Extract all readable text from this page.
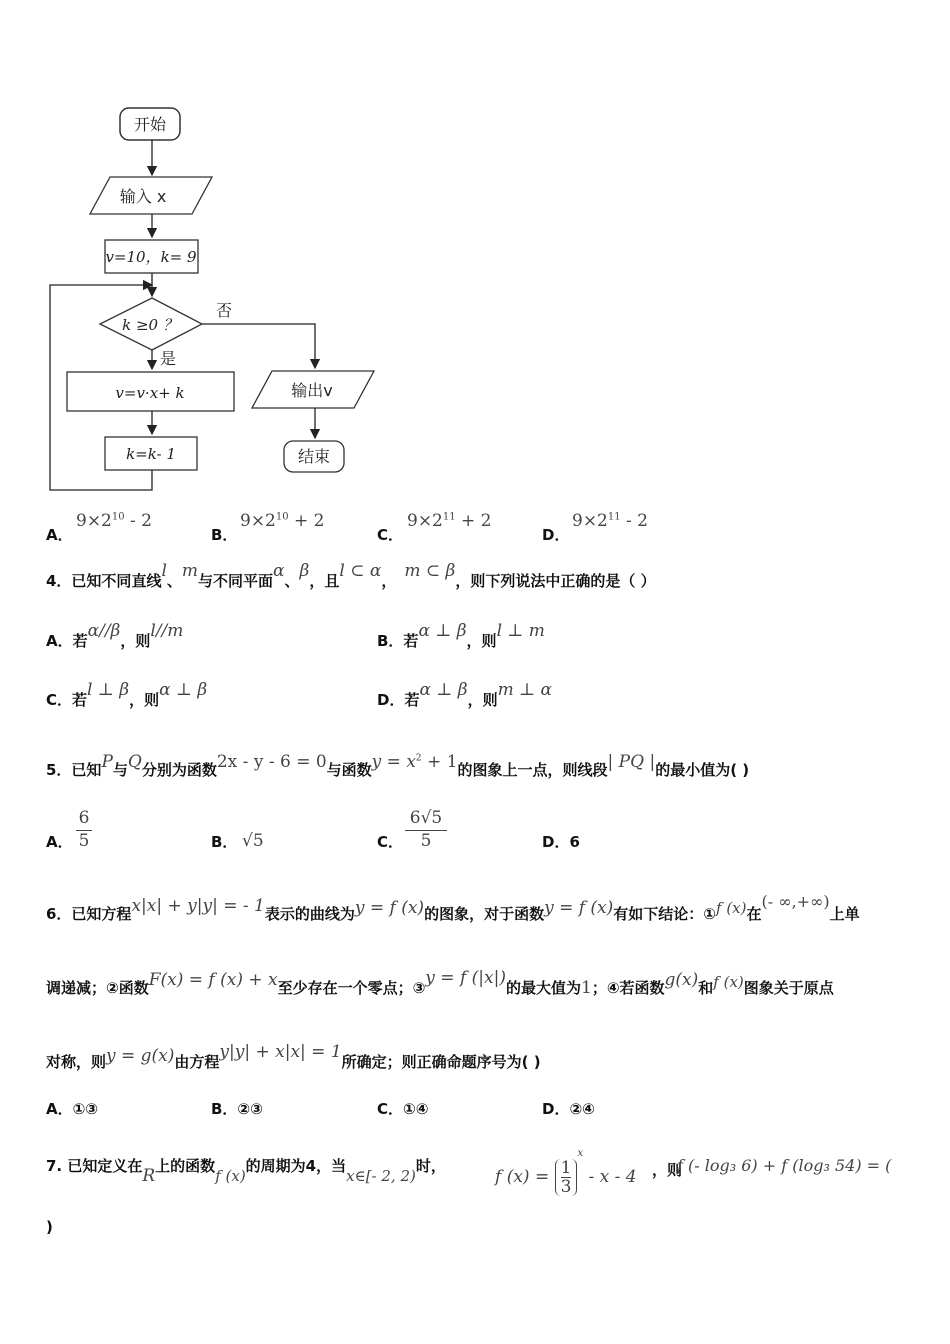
开始
输入 x
v=10，k= 9
k ≥0 ？
否
是
v=v·x+ k
k=k- 1
输出v
结束
A．
$9\times 2^{10} - 2$
B．
$9\times 2^{10} + 2$
C．
$9\times 2^{11} + 2$
D．
$9\times 2^{11} - 2$
4．已知不同直线l、m与不同平面α、β，且l ⊂ α， m ⊂ β，则下列说法中正确的是（ ）
A．若α//β，则l//m	B．若α ⊥ β，则l ⊥ m
C．若l ⊥ β，则α ⊥ β	D．若α ⊥ β，则m ⊥ α
5．已知P与Q分别为函数2x - y - 6 = 0与函数$y = x^2 + 1$的图象上一点，则线段| PQ |的最小值为( )
A．
6
5	B． √5	C．
6√5
5	D．6
6．已知方程x|x| + y|y| = - 1表示的曲线为y = f (x)的图象，对于函数y = f (x)有如下结论：①f (x)在(- ∞,+∞)上单
调递减；②函数F(x) = f (x) + x至少存在一个零点；③y = f (|x|)的最大值为1；④若函数g(x)和f (x)图象关于原点
对称，则y = g(x)由方程y|y| + x|x| = 1所确定；则正确命题序号为( )
A．①③	B．②③	C．①④	D．②④
7. 已知定义在R上的函数f (x)的周期为4，当x∈[- 2, 2)时，
f $(x) = \frac{1}{3}$
$^x$ - x - 4 ，则
f (- log₃ 6) + f (log₃ 54) = (
)
